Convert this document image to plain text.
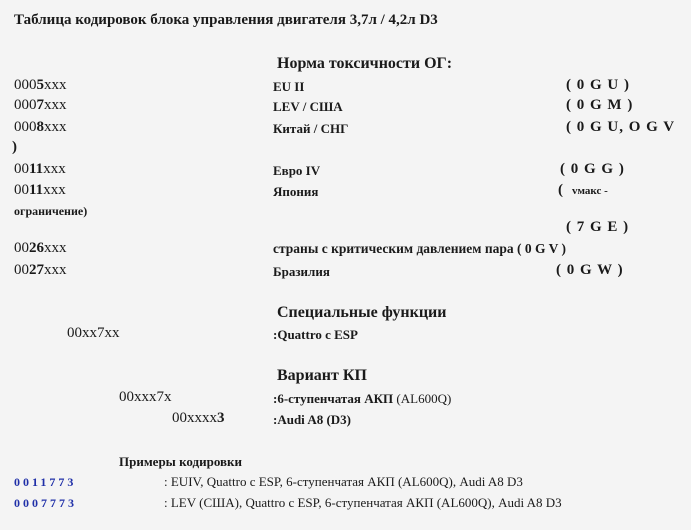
Таблица кодировок блока управления двигателя 3,7л / 4,2л D3
Норма токсичности ОГ:
0005xxx	EU II	( 0 G U )
0007xxx	LEV / США	( 0 G M )
0008xxx	Китай / СНГ	( 0 G U, O G V
)
0011xxx	Евро IV	( 0 G G )
0011xxx	Япония	( vмакс -
ограничение)
( 7 G E )
0026xxx	страны с критическим давлением пара ( 0 G V )
0027xxx	Бразилия	( 0 G W )
Специальные функции
00xx7xx	:Quattro с ESP
Вариант КП
00xxx7x	:6-ступенчатая АКП (AL600Q)
00xxxx3	:Audi A8 (D3)
Примеры кодировки
0011773	: EUIV, Quattro с ESP, 6-ступенчатая АКП (AL600Q), Audi A8 D3
0007773	: LEV (США), Quattro с ESP, 6-ступенчатая АКП (AL600Q), Audi A8 D3
